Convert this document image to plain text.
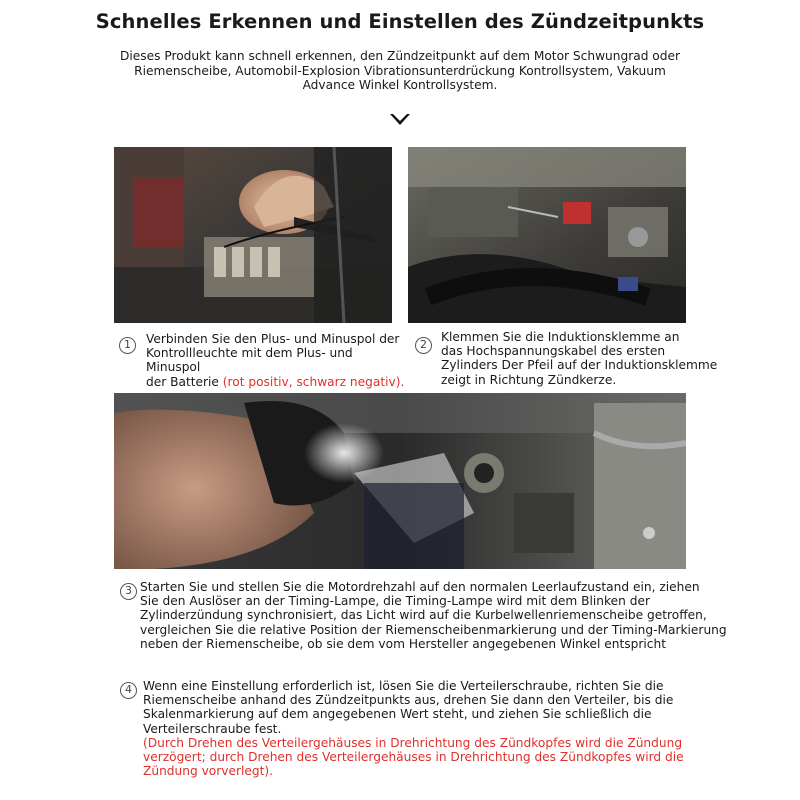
Schnelles Erkennen und Einstellen des Zündzeitpunkts
Dieses Produkt kann schnell erkennen, den Zündzeitpunkt auf dem Motor Schwungrad oder
Riemenscheibe, Automobil-Explosion Vibrationsunterdrückung Kontrollsystem, Vakuum
Advance Winkel Kontrollsystem.
1	Verbinden Sie den Plus- und Minuspol der
Kontrollleuchte mit dem Plus- und Minuspol
der Batterie (rot positiv, schwarz negativ).
2
Klemmen Sie die Induktionsklemme an
das Hochspannungskabel des ersten
Zylinders Der Pfeil auf der Induktionsklemme
zeigt in Richtung Zündkerze.
3 Starten Sie und stellen Sie die Motordrehzahl auf den normalen Leerlaufzustand ein, ziehen
Sie den Auslöser an der Timing-Lampe, die Timing-Lampe wird mit dem Blinken der
Zylinderzündung synchronisiert, das Licht wird auf die Kurbelwellenriemenscheibe getroffen,
vergleichen Sie die relative Position der Riemenscheibenmarkierung und der Timing-Markierung
neben der Riemenscheibe, ob sie dem vom Hersteller angegebenen Winkel entspricht
4 Wenn eine Einstellung erforderlich ist, lösen Sie die Verteilerschraube, richten Sie die
Riemenscheibe anhand des Zündzeitpunkts aus, drehen Sie dann den Verteiler, bis die
Skalenmarkierung auf dem angegebenen Wert steht, und ziehen Sie schließlich die
Verteilerschraube fest.
(Durch Drehen des Verteilergehäuses in Drehrichtung des Zündkopfes wird die Zündung
verzögert; durch Drehen des Verteilergehäuses in Drehrichtung des Zündkopfes wird die
Zündung vorverlegt).
